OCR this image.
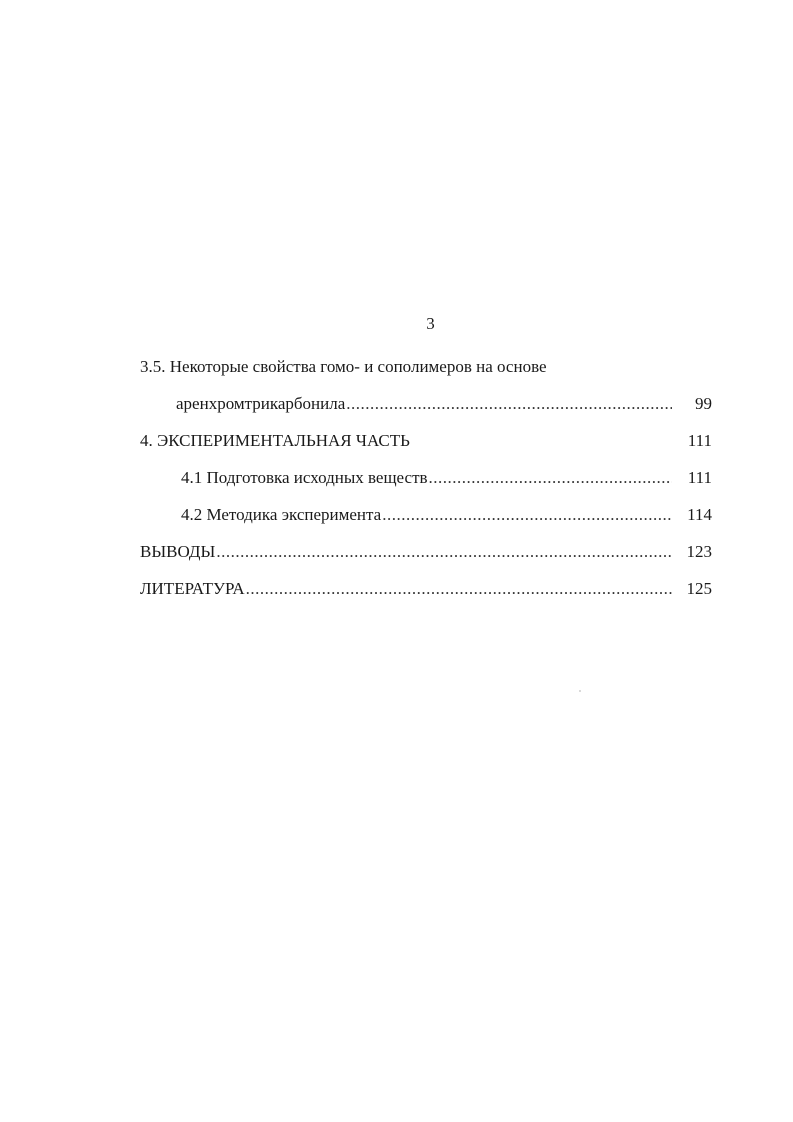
3
3.5. Некоторые свойства гомо- и сополимеров на основе
аренхромтрикарбонила .....	99
4. ЭКСПЕРИМЕНТАЛЬНАЯ ЧАСТЬ	111
4.1 Подготовка исходных веществ .....	111
4.2 Методика эксперимента .....	114
ВЫВОДЫ .....	123
ЛИТЕРАТУРА .....	125
